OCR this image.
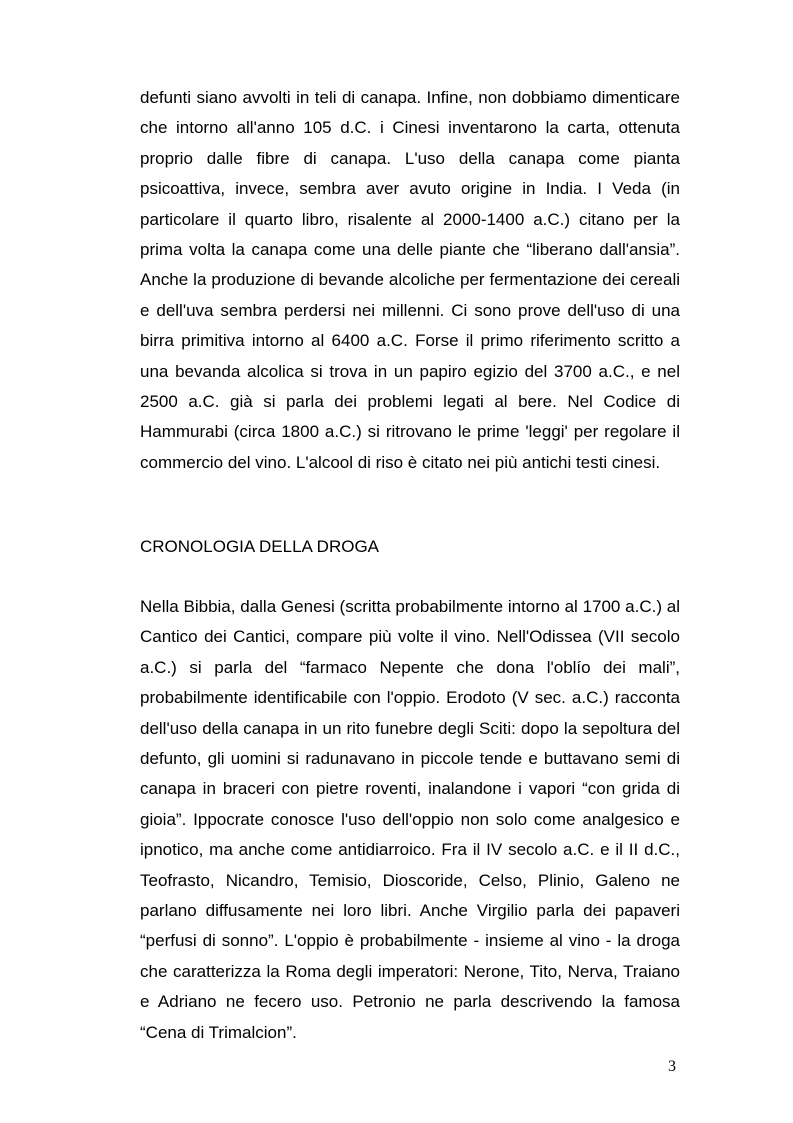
defunti siano avvolti in teli di canapa. Infine, non dobbiamo dimenticare che intorno all'anno 105 d.C. i Cinesi inventarono la carta, ottenuta proprio dalle fibre di canapa. L'uso della canapa come pianta psicoattiva, invece, sembra aver avuto origine in India. I Veda (in particolare il quarto libro, risalente al 2000-1400 a.C.) citano per la prima volta la canapa come una delle piante che “liberano dall'ansia”. Anche la produzione di bevande alcoliche per fermentazione dei cereali e dell'uva sembra perdersi nei millenni. Ci sono prove dell'uso di una birra primitiva intorno al 6400 a.C. Forse il primo riferimento scritto a una bevanda alcolica si trova in un papiro egizio del 3700 a.C., e nel 2500 a.C. già si parla dei problemi legati al bere. Nel Codice di Hammurabi (circa 1800 a.C.) si ritrovano le prime 'leggi' per regolare il commercio del vino. L'alcool di riso è citato nei più antichi testi cinesi.

CRONOLOGIA DELLA DROGA

Nella Bibbia, dalla Genesi (scritta probabilmente intorno al 1700 a.C.) al Cantico dei Cantici, compare più volte il vino. Nell'Odissea (VII secolo a.C.) si parla del “farmaco Nepente che dona l'oblío dei mali”, probabilmente identificabile con l'oppio. Erodoto (V sec. a.C.) racconta dell'uso della canapa in un rito funebre degli Sciti: dopo la sepoltura del defunto, gli uomini si radunavano in piccole tende e buttavano semi di canapa in braceri con pietre roventi, inalandone i vapori “con grida di gioia”. Ippocrate conosce l'uso dell'oppio non solo come analgesico e ipnotico, ma anche come antidiarroico. Fra il IV secolo a.C. e il II d.C., Teofrasto, Nicandro, Temisio, Dioscoride, Celso, Plinio, Galeno ne parlano diffusamente nei loro libri. Anche Virgilio parla dei papaveri “perfusi di sonno”. L'oppio è probabilmente - insieme al vino - la droga che caratterizza la Roma degli imperatori: Nerone, Tito, Nerva, Traiano e Adriano ne fecero uso. Petronio ne parla descrivendo la famosa “Cena di Trimalcion”.

3
